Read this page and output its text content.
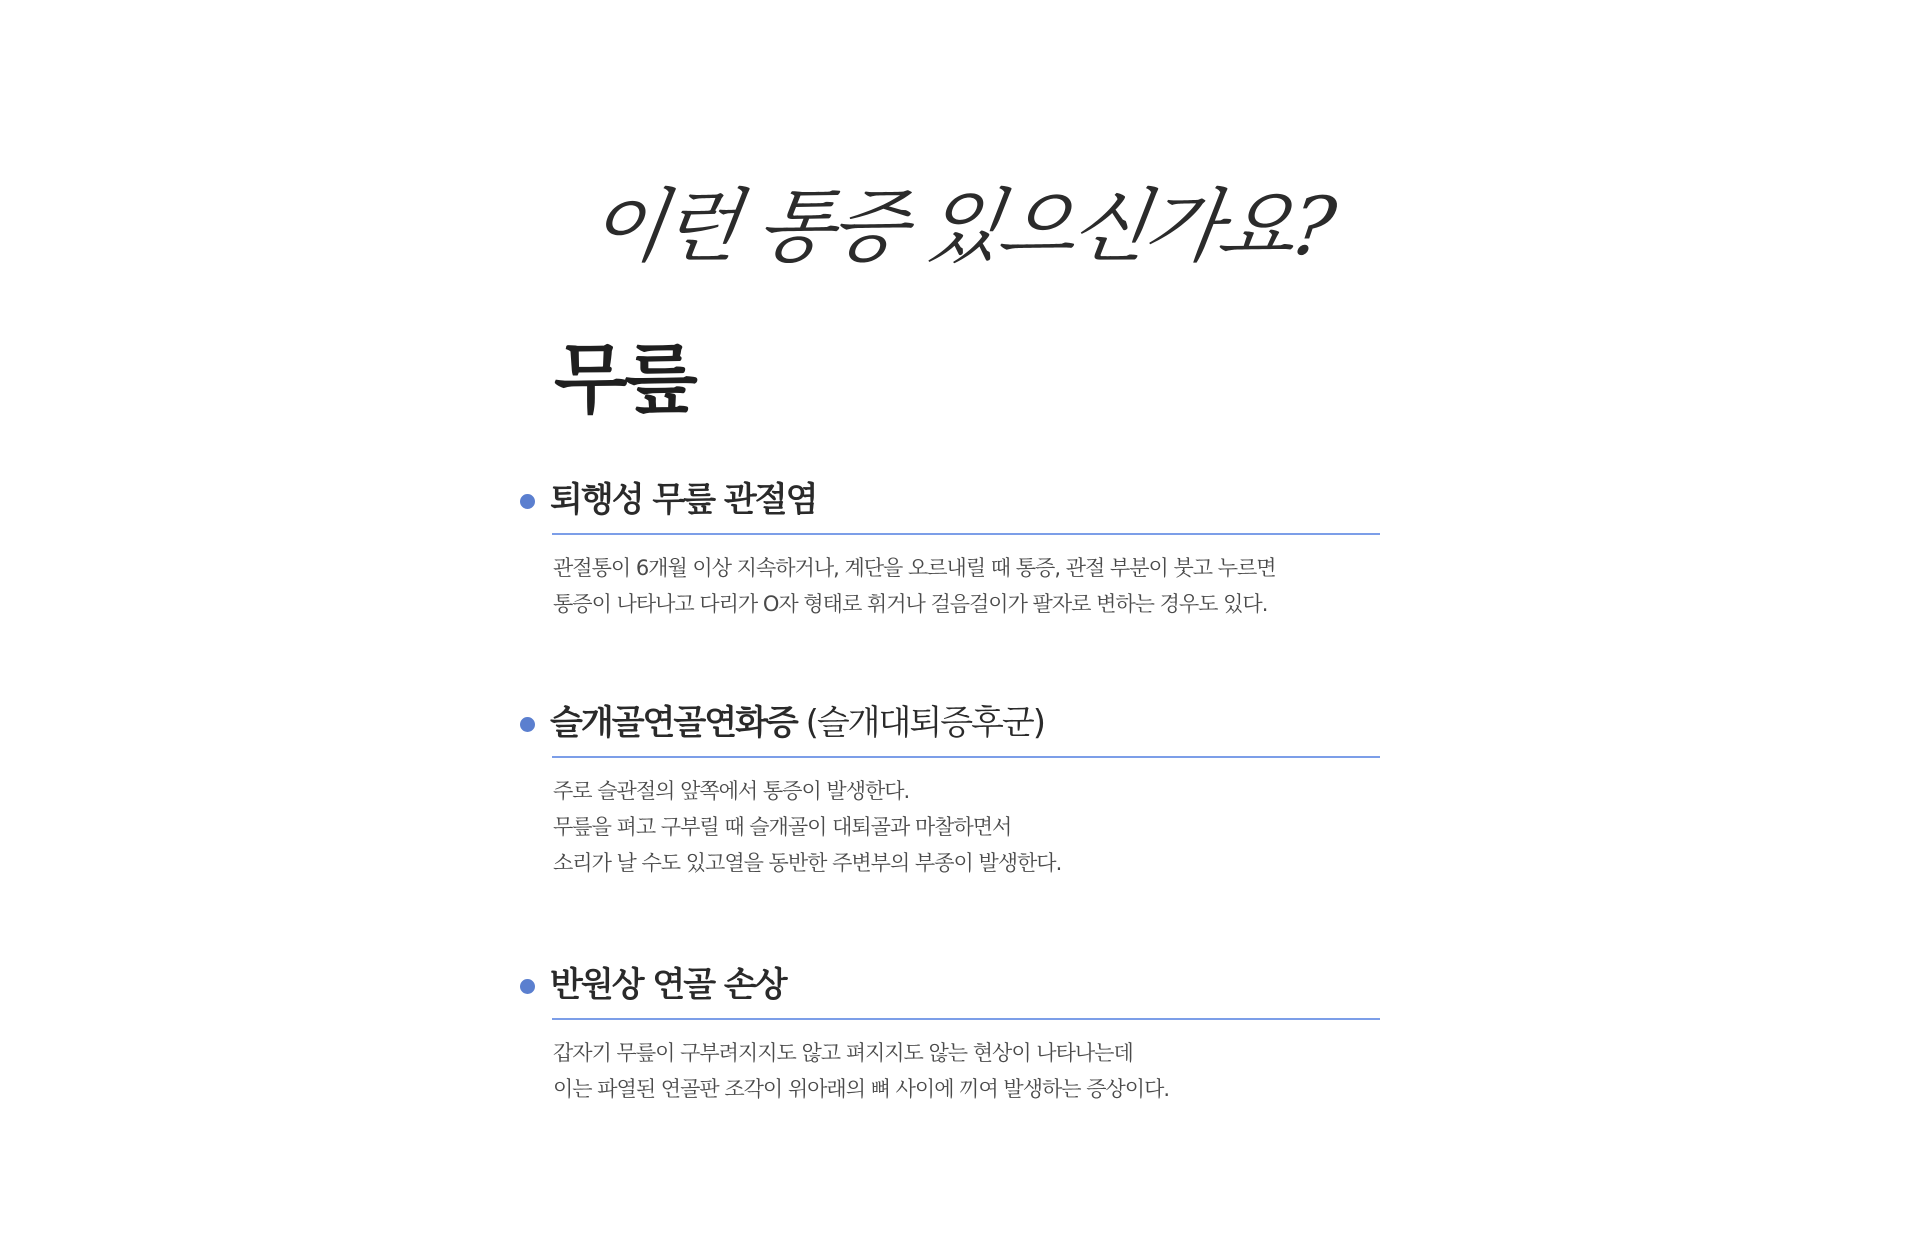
이런 통증 있으신가요?
무릎
퇴행성 무릎 관절염

관절통이 6개월 이상 지속하거나, 계단을 오르내릴 때 통증, 관절 부분이 붓고 누르면
통증이 나타나고 다리가 O자 형태로 휘거나 걸음걸이가 팔자로 변하는 경우도 있다.

슬개골연골연화증 (슬개대퇴증후군)

주로 슬관절의 앞쪽에서 통증이 발생한다.
무릎을 펴고 구부릴 때 슬개골이 대퇴골과 마찰하면서
소리가 날 수도 있고열을 동반한 주변부의 부종이 발생한다.

반원상 연골 손상

갑자기 무릎이 구부려지지도 않고 펴지지도 않는 현상이 나타나는데
이는 파열된 연골판 조각이 위아래의 뼈 사이에 끼여 발생하는 증상이다.
